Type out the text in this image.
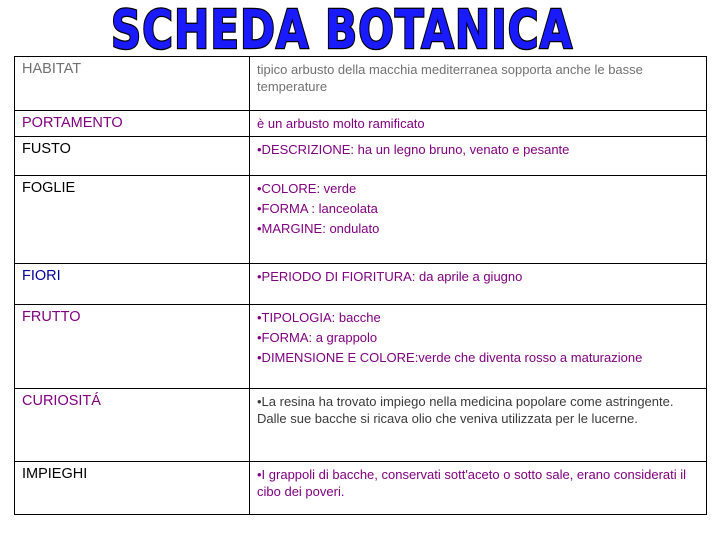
SCHEDA BOTANICA
HABITAT	tipico arbusto della macchia mediterranea sopporta anche le basse temperature

PORTAMENTO	è un arbusto molto ramificato

FUSTO	•DESCRIZIONE: ha un legno bruno, venato e pesante

FOGLIE	•COLORE: verde
•FORMA : lanceolata
•MARGINE: ondulato

FIORI	•PERIODO DI FIORITURA: da aprile a giugno

FRUTTO	•TIPOLOGIA: bacche
•FORMA: a grappolo
•DIMENSIONE E COLORE:verde che diventa rosso a maturazione

CURIOSITÁ	•La resina ha trovato impiego nella medicina popolare come astringente. Dalle sue bacche si ricava olio che veniva utilizzata per le lucerne.

IMPIEGHI	•I grappoli di bacche, conservati sott'aceto o sotto sale, erano considerati il cibo dei poveri.
